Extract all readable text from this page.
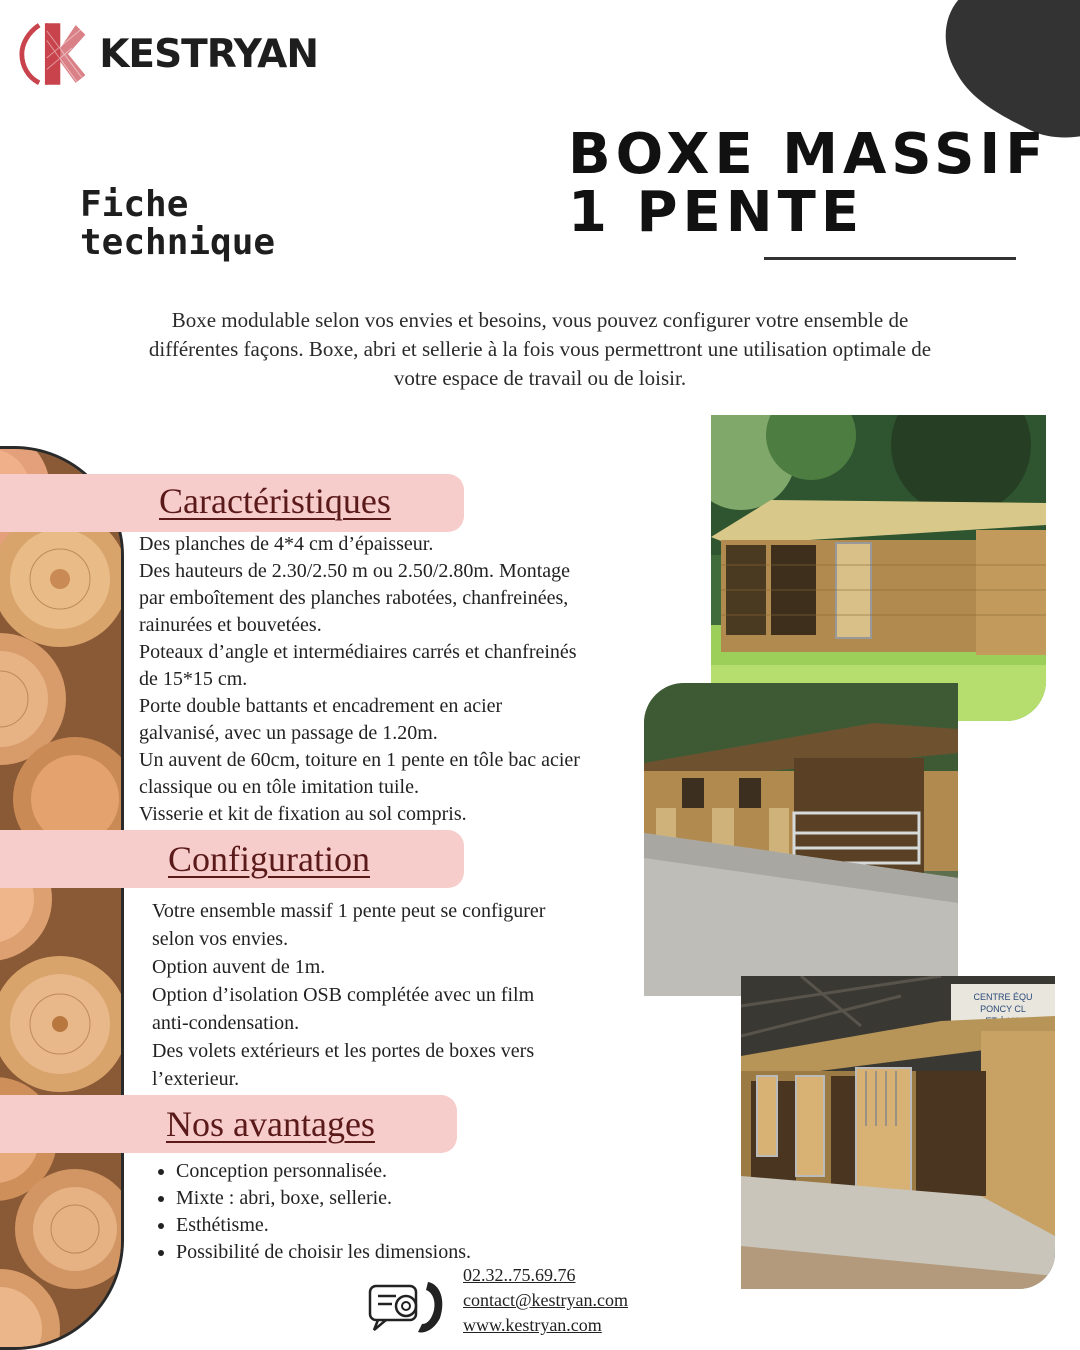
KESTRYAN
Fiche
technique
BOXE MASSIF
1 PENTE
Boxe modulable selon vos envies et besoins, vous pouvez configurer votre ensemble de
différentes façons. Boxe, abri et sellerie à la fois vous permettront une utilisation optimale de
votre espace de travail ou de loisir.
Caractéristiques
Des planches de 4*4 cm d’épaisseur.
Des hauteurs de 2.30/2.50 m ou 2.50/2.80m. Montage
par emboîtement des planches rabotées, chanfreinées,
rainurées et bouvetées.
Poteaux d’angle et intermédiaires carrés et chanfreinés
de 15*15 cm.
Porte double battants et encadrement en acier
galvanisé, avec un passage de 1.20m.
Un auvent de 60cm, toiture en 1 pente en tôle bac acier
classique ou en tôle imitation tuile.
Visserie et kit de fixation au sol compris.
Configuration
Votre ensemble massif 1 pente peut se configurer
selon vos envies.
Option auvent de 1m.
Option d’isolation OSB complétée avec un film
anti-condensation.
Des volets extérieurs et les portes de boxes vers
l’exterieur.
Nos avantages
• Conception personnalisée.
• Mixte : abri, boxe, sellerie.
• Esthétisme.
• Possibilité de choisir les dimensions.
CENTRE ÉQU
PONCY CL
02.32..75.69.76
contact@kestryan.com
www.kestryan.com
